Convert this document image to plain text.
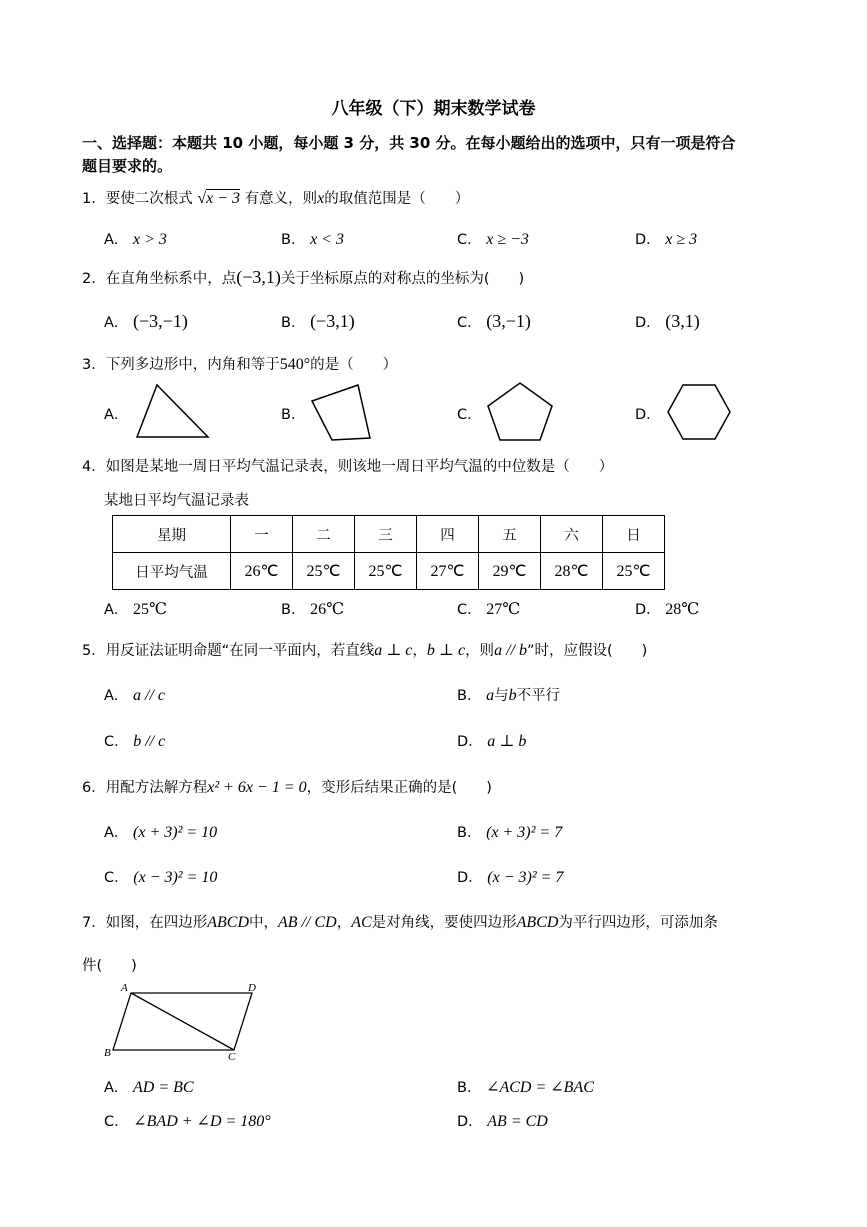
八年级（下）期末数学试卷
一、选择题：本题共 10 小题，每小题 3 分，共 30 分。在每小题给出的选项中，只有一项是符合
题目要求的。
1．要使二次根式 √x − 3 有意义，则x的取值范围是（　　）
A． x > 3	B． x < 3	C． x ≥ −3	D． x ≥ 3
2．在直角坐标系中，点(−3,1)关于坐标原点的对称点的坐标为(　　)
A． (−3,−1)	B． (−3,1)	C． (3,−1)	D． (3,1)
3．下列多边形中，内角和等于540°的是（　　）
A．	B．	C．	D．
4．如图是某地一周日平均气温记录表，则该地一周日平均气温的中位数是（　　）
某地日平均气温记录表
星期	一	二	三	四	五	六	日
日平均气温	26℃	25℃	25℃	27℃	29℃	28℃	25℃
A． 25℃	B． 26℃	C． 27℃	D． 28℃
5．用反证法证明命题“在同一平面内，若直线a ⊥ c，b ⊥ c，则a // b”时，应假设(　　)
A． a // c	B． a与b不平行
C． b // c	D． a ⊥ b
6．用配方法解方程x² + 6x − 1 = 0，变形后结果正确的是(　　)
A． (x + 3)² = 10	B． (x + 3)² = 7
C． (x − 3)² = 10	D． (x − 3)² = 7
7．如图，在四边形ABCD中，AB // CD，AC是对角线，要使四边形ABCD为平行四边形，可添加条
件(　　)
A	D
B	C
A． AD = BC	B． ∠ACD = ∠BAC
C． ∠BAD + ∠D = 180°	D． AB = CD
